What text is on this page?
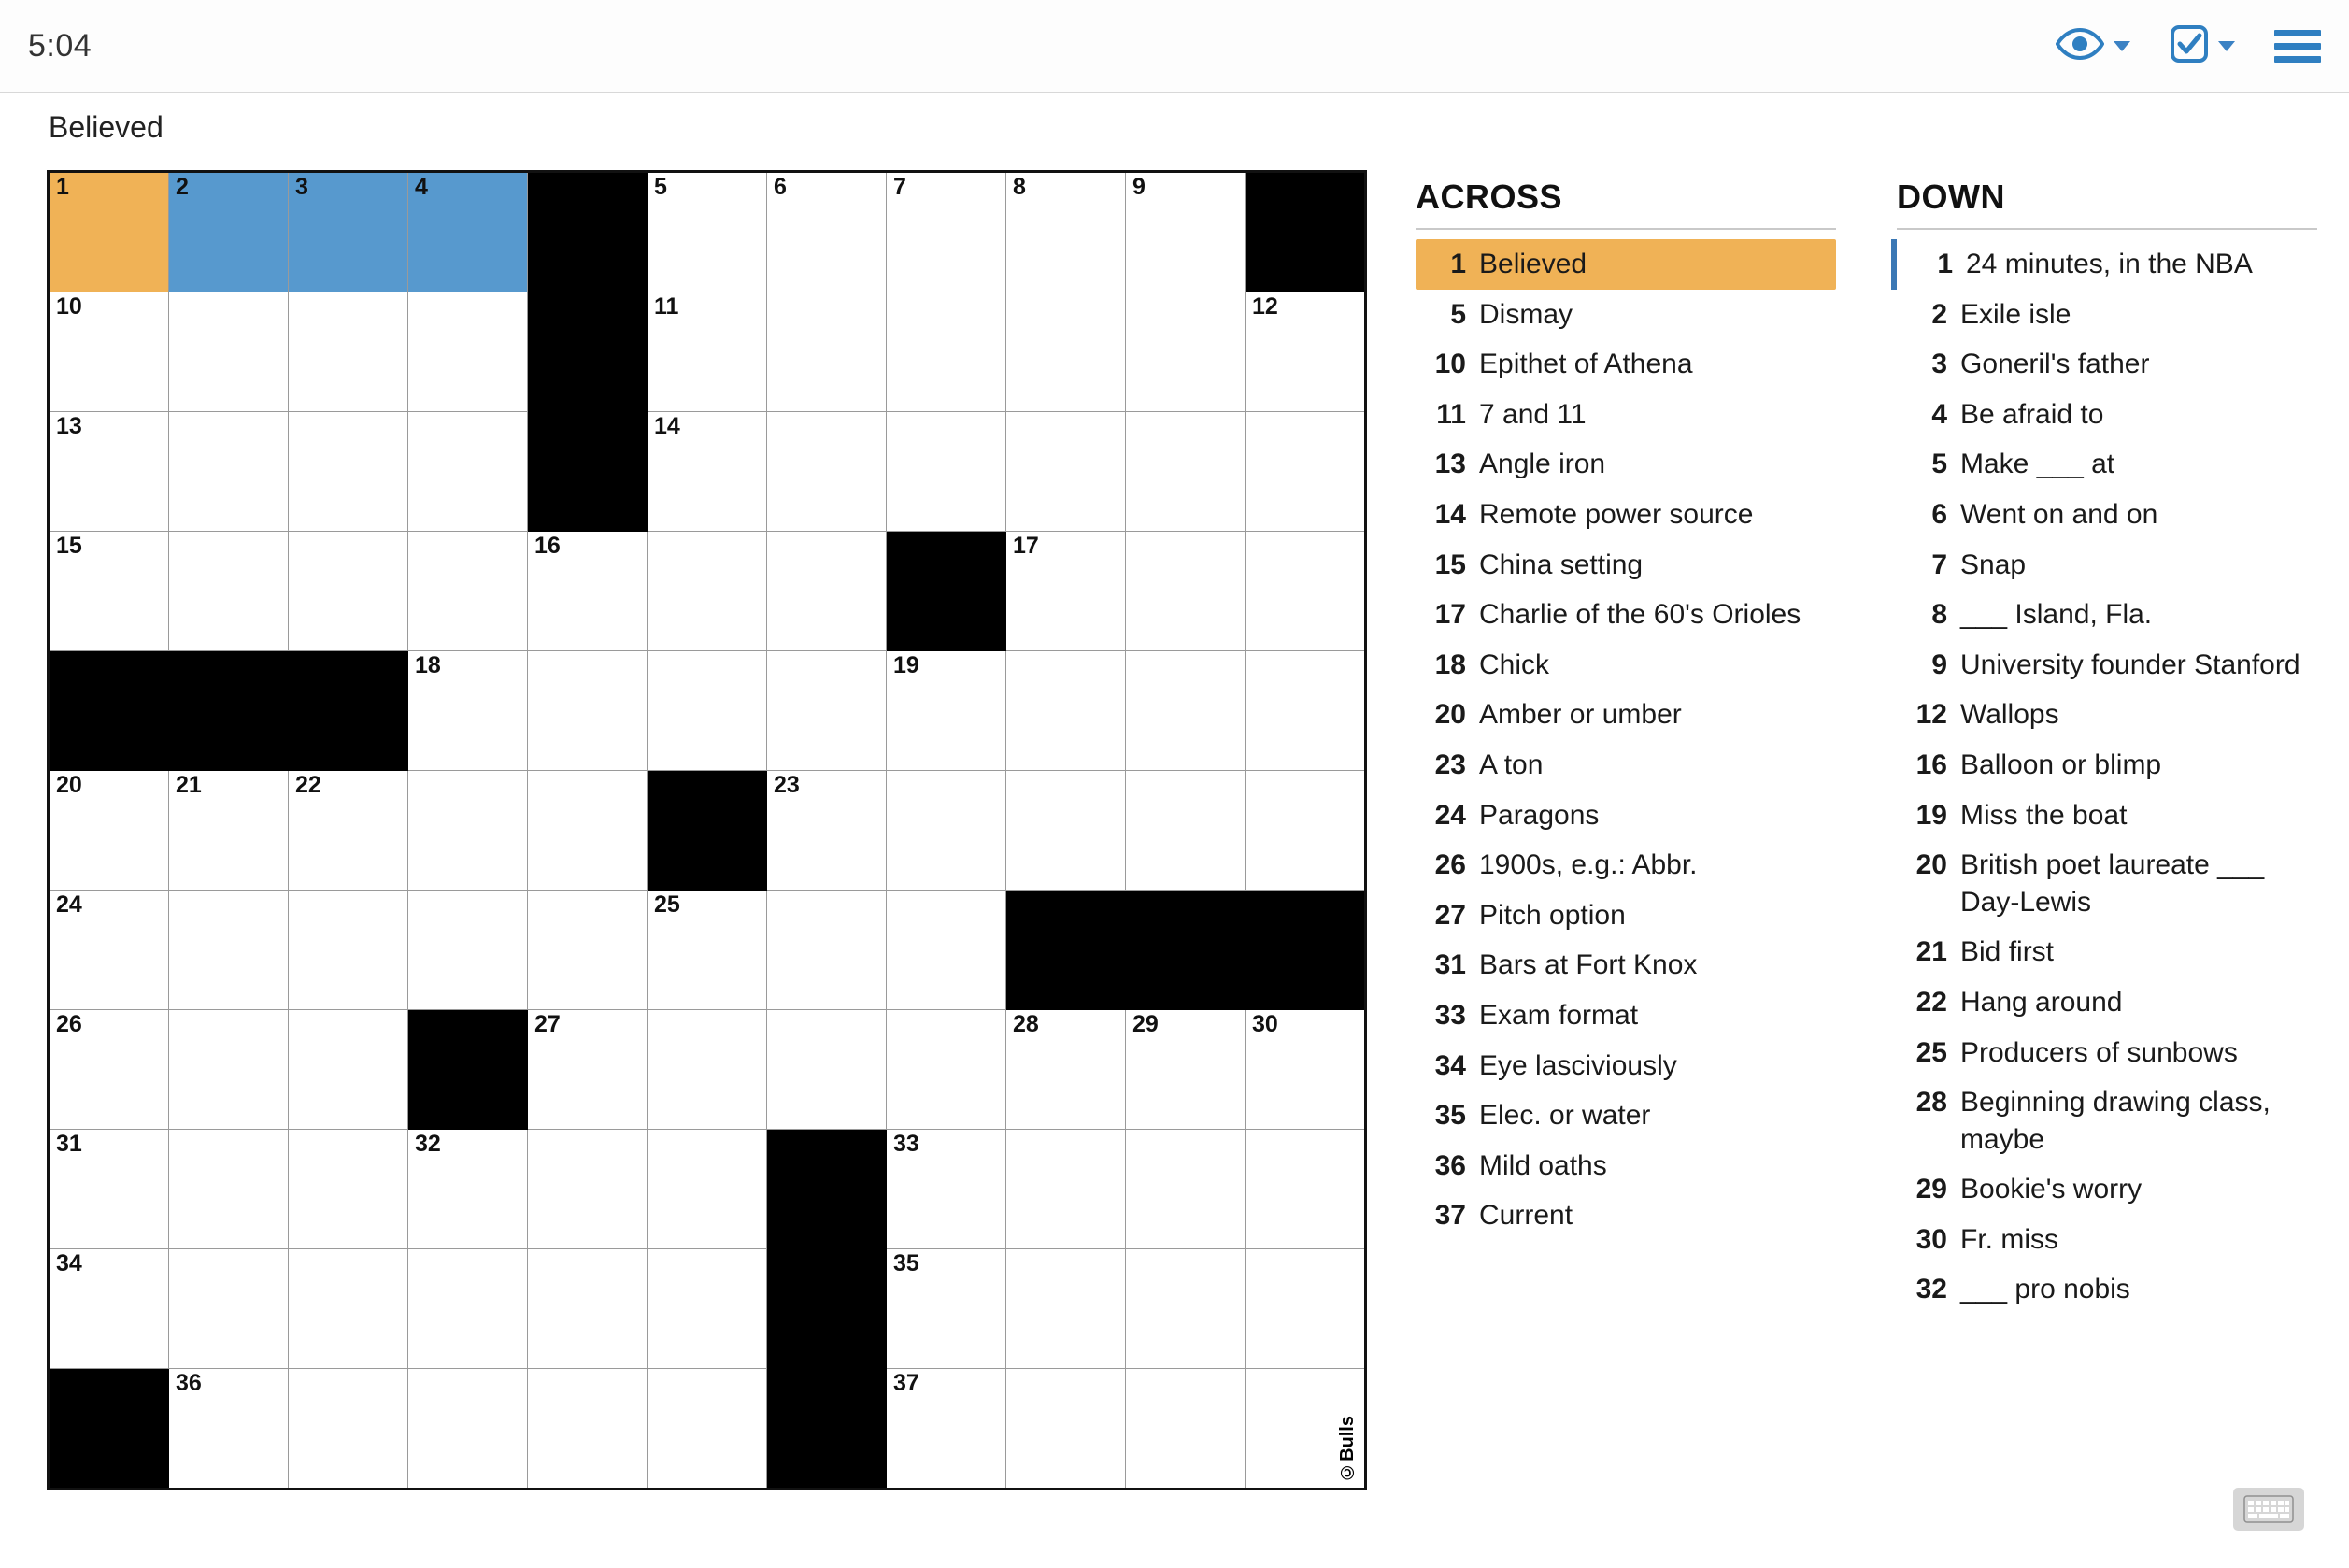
5:04
Believed
1	2	3	4		5	6	7	8	9	

10					11					12

13					14					

15				16				17		

			18				19			

20	21	22				23				

24					25					

26				27				28	29	30

31			32				33			

34							35			

	36						37			©Bulls
ACROSS
1 Believed
5 Dismay
10 Epithet of Athena
11 7 and 11
13 Angle iron
14 Remote power source
15 China setting
17 Charlie of the 60's Orioles
18 Chick
20 Amber or umber
23 A ton
24 Paragons
26 1900s, e.g.: Abbr.
27 Pitch option
31 Bars at Fort Knox
33 Exam format
34 Eye lasciviously
35 Elec. or water
36 Mild oaths
37 Current
DOWN
1 24 minutes, in the NBA
2 Exile isle
3 Goneril's father
4 Be afraid to
5 Make ___ at
6 Went on and on
7 Snap
8 ___ Island, Fla.
9 University founder Stanford
12 Wallops
16 Balloon or blimp
19 Miss the boat
20 British poet laureate ___ Day-Lewis
21 Bid first
22 Hang around
25 Producers of sunbows
28 Beginning drawing class, maybe
29 Bookie's worry
30 Fr. miss
32 ___ pro nobis
